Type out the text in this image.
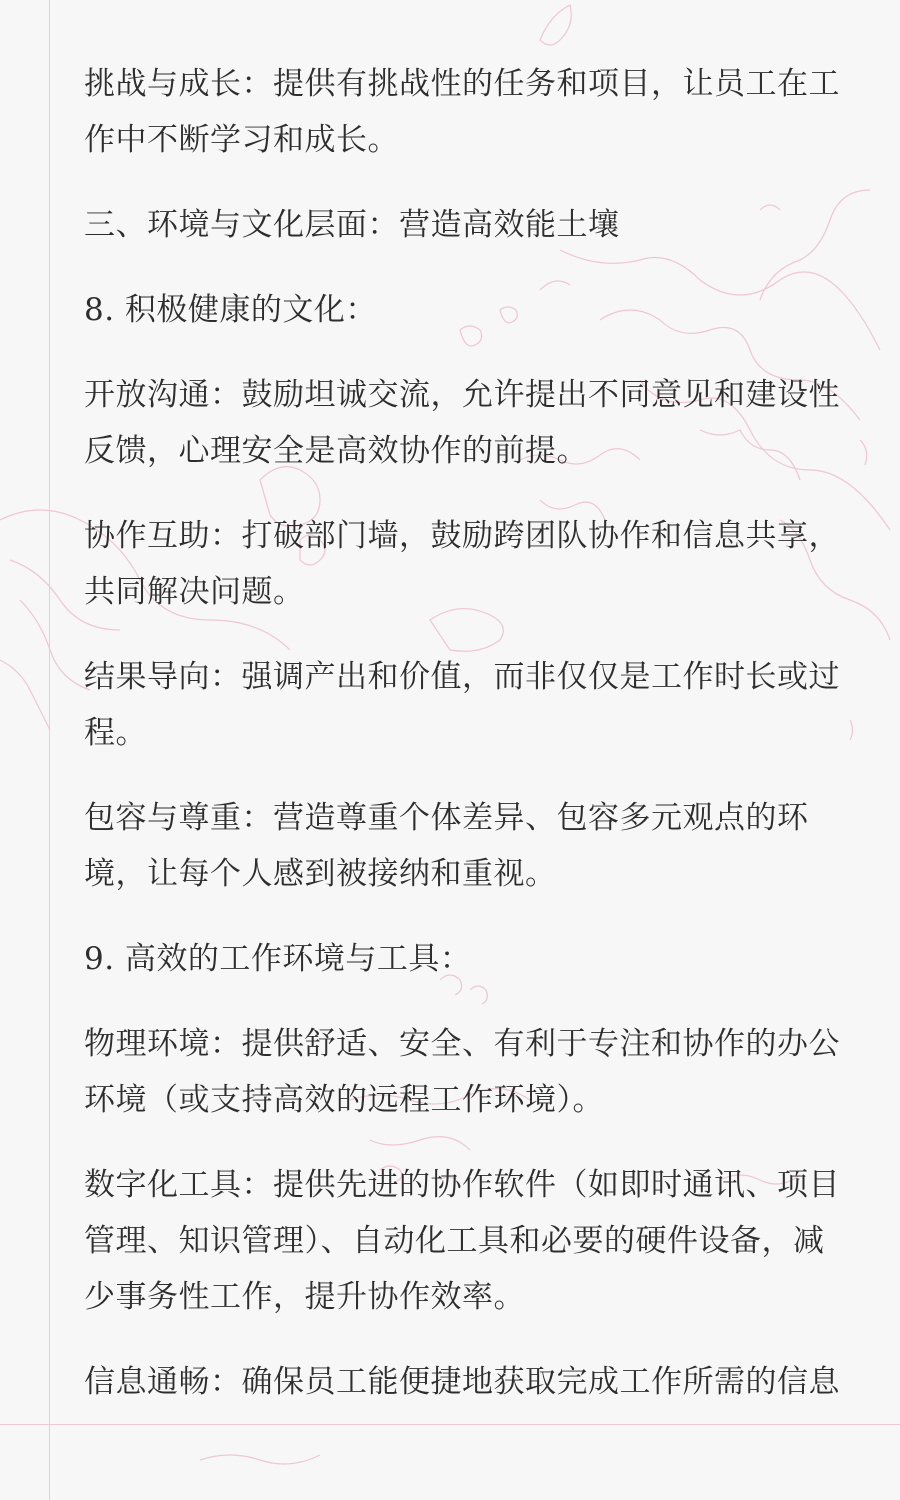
挑战与成长：提供有挑战性的任务和项目，让员工在工作中不断学习和成长。

三、环境与文化层面：营造高效能土壤

8. 积极健康的文化：

开放沟通：鼓励坦诚交流，允许提出不同意见和建设性反馈，心理安全是高效协作的前提。

协作互助：打破部门墙，鼓励跨团队协作和信息共享，共同解决问题。

结果导向：强调产出和价值，而非仅仅是工作时长或过程。

包容与尊重：营造尊重个体差异、包容多元观点的环境，让每个人感到被接纳和重视。

9. 高效的工作环境与工具：

物理环境：提供舒适、安全、有利于专注和协作的办公环境（或支持高效的远程工作环境）。

数字化工具：提供先进的协作软件（如即时通讯、项目管理、知识管理）、自动化工具和必要的硬件设备，减少事务性工作，提升协作效率。

信息通畅：确保员工能便捷地获取完成工作所需的信息
